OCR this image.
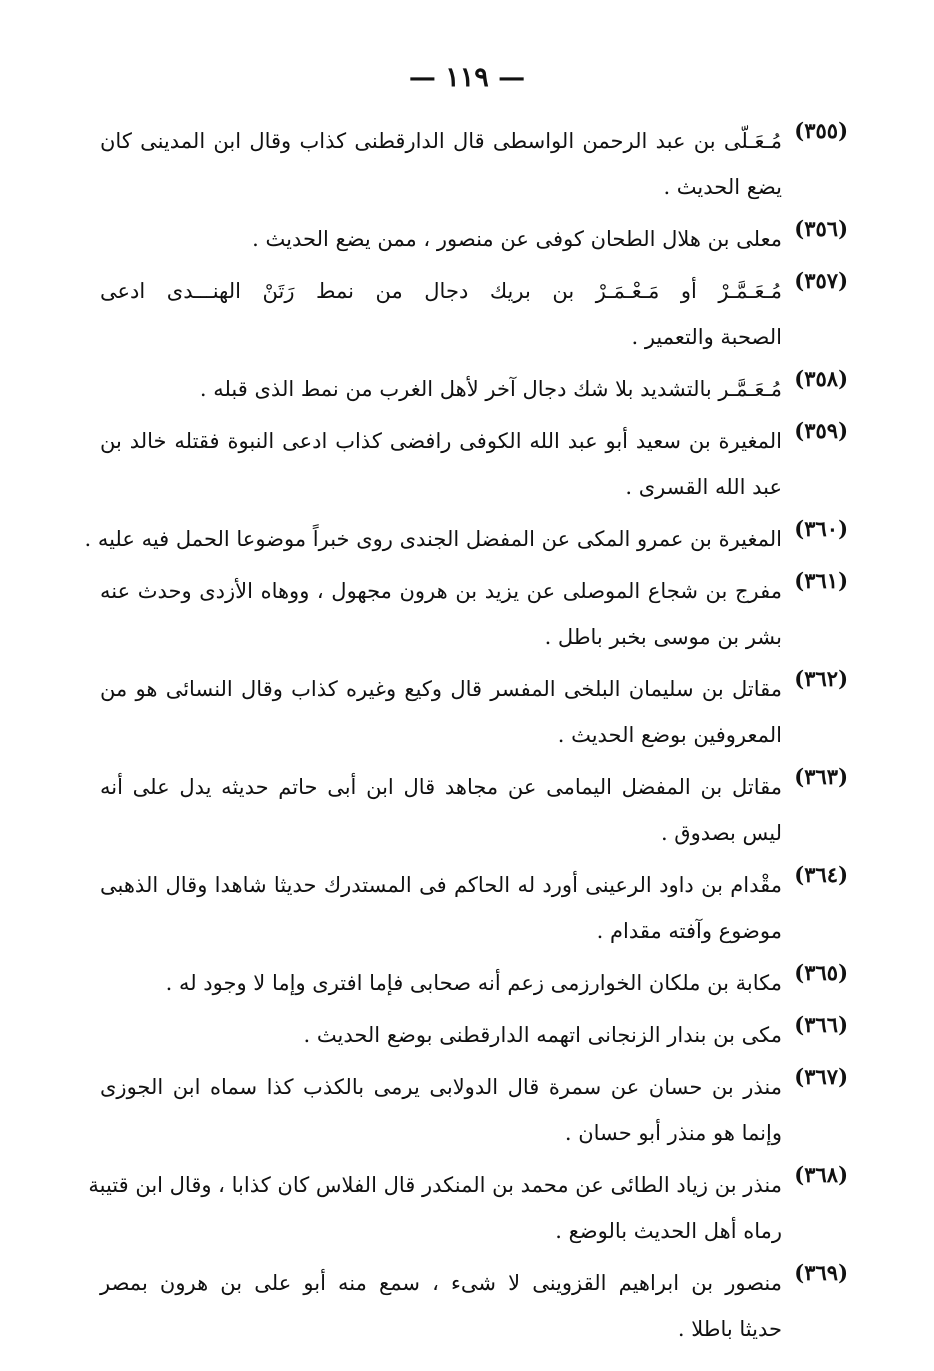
— ١١٩ —
(٣٥٥)
مُـعَـلّى بن عبد الرحمن الواسطى قال الدارقطنى كذاب وقال ابن المدينى كان
يضع الحديث .
(٣٥٦)
معلى بن هلال الطحان كوفى عن منصور ، ممن يضع الحديث .
(٣٥٧)
مُـعَـمَّـرْ أو مَـعْـمَـرْ بن بريك دجال من نمط رَتَنْ الهنـــدى ادعى
الصحبة والتعمير .
(٣٥٨)
مُـعَـمَّـر بالتشديد بلا شك دجال آخر لأهل الغرب من نمط الذى قبله .
(٣٥٩)
المغيرة بن سعيد أبو عبد الله الكوفى رافضى كذاب ادعى النبوة فقتله خالد بن
عبد الله القسرى .
(٣٦٠)
المغيرة بن عمرو المكى عن المفضل الجندى روى خبراً موضوعا الحمل فيه عليه .
(٣٦١)
مفرج بن شجاع الموصلى عن يزيد بن هرون مجهول ، ووهاه الأزدى وحدث عنه
بشر بن موسى بخبر باطل .
(٣٦٢)
مقاتل بن سليمان البلخى المفسر قال وكيع وغيره كذاب وقال النسائى هو من
المعروفين بوضع الحديث .
(٣٦٣)
مقاتل بن المفضل اليمامى عن مجاهد قال ابن أبى حاتم حديثه يدل على أنه
ليس بصدوق .
(٣٦٤)
مقْدام بن داود الرعينى أورد له الحاكم فى المستدرك حديثا شاهدا وقال الذهبى
موضوع وآفته مقدام .
(٣٦٥)
مكابة بن ملكان الخوارزمى زعم أنه صحابى فإما افترى وإما لا وجود له .
(٣٦٦)
مكى بن بندار الزنجانى اتهمه الدارقطنى بوضع الحديث .
(٣٦٧)
منذر بن حسان عن سمرة قال الدولابى يرمى بالكذب كذا سماه ابن الجوزى
وإنما هو منذر أبو حسان .
(٣٦٨)
منذر بن زياد الطائى عن محمد بن المنكدر قال الفلاس كان كذابا ، وقال ابن قتيبة
رماه أهل الحديث بالوضع .
(٣٦٩)
منصور بن ابراهيم القزوينى لا شىء ، سمع منه أبو على بن هرون بمصر
حديثا باطلا .
